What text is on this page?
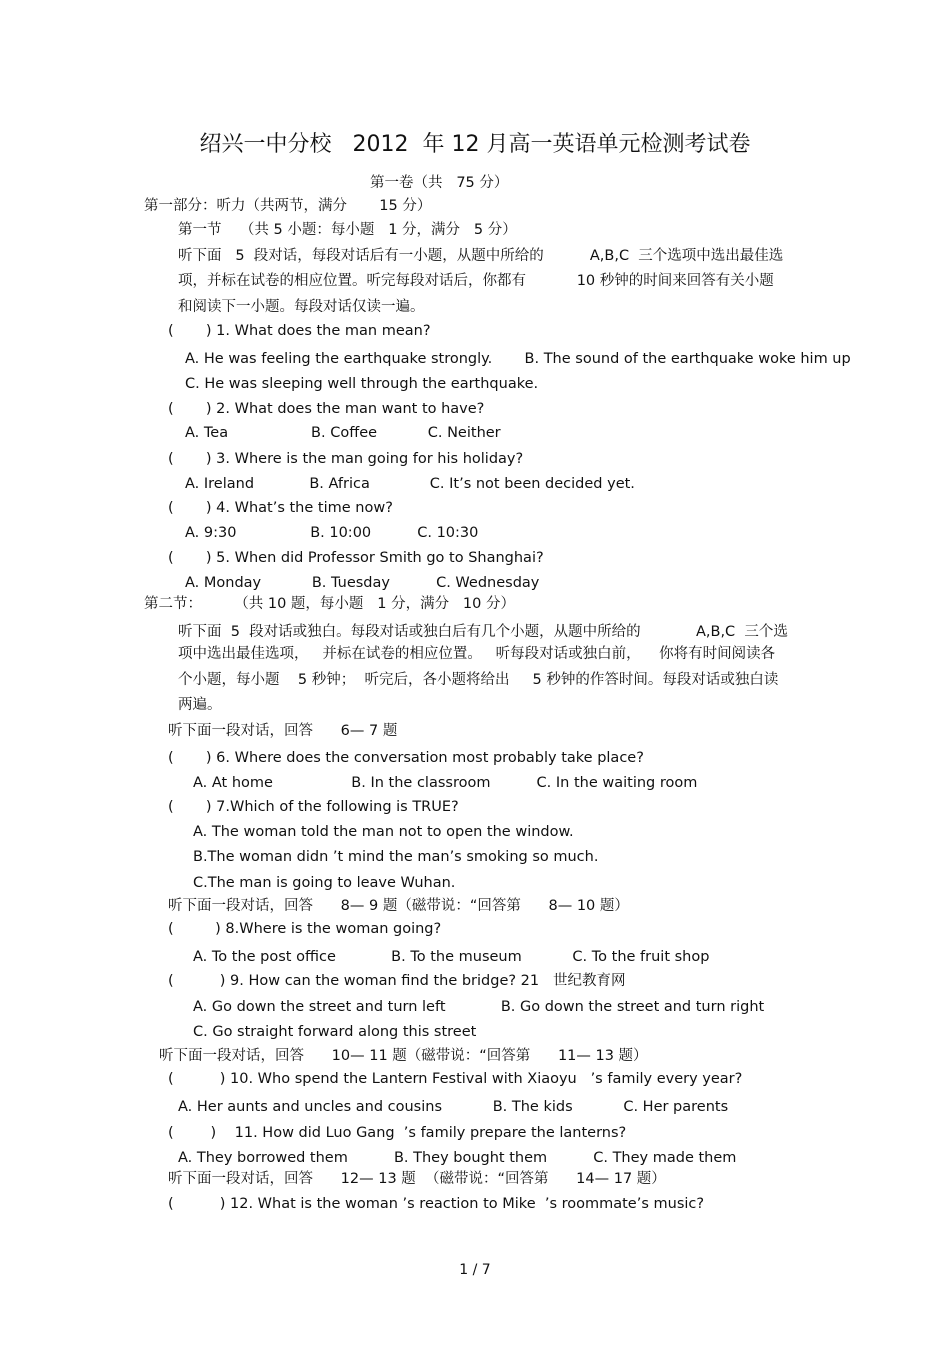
绍兴一中分校   2012  年 12 月高一英语单元检测考试卷
第一卷（共   75 分）
第一部分：听力（共两节，满分       15 分）
第一节    （共 5 小题：每小题   1 分，满分   5 分）
听下面   5  段对话，每段对话后有一小题，从题中所给的          A,B,C  三个选项中选出最佳选
项，并标在试卷的相应位置。听完每段对话后，你都有           10 秒钟的时间来回答有关小题
和阅读下一小题。每段对话仅读一遍。
(       ) 1. What does the man mean?
A. He was feeling the earthquake strongly.       B. The sound of the earthquake woke him up
C. He was sleeping well through the earthquake.
(       ) 2. What does the man want to have?
A. Tea                  B. Coffee           C. Neither
(       ) 3. Where is the man going for his holiday?
A. Ireland            B. Africa             C. It’s not been decided yet.
(       ) 4. What’s the time now?
A. 9:30                B. 10:00          C. 10:30
(       ) 5. When did Professor Smith go to Shanghai?
A. Monday           B. Tuesday          C. Wednesday
第二节：       （共 10 题，每小题   1 分，满分   10 分）
听下面  5  段对话或独白。每段对话或独白后有几个小题，从题中所给的            A,B,C  三个选
项中选出最佳选项，   并标在试卷的相应位置。   听每段对话或独白前，    你将有时间阅读各
个小题，每小题    5 秒钟；  听完后，各小题将给出     5 秒钟的作答时间。每段对话或独白读
两遍。
听下面一段对话，回答      6— 7 题
(       ) 6. Where does the conversation most probably take place?
A. At home                 B. In the classroom          C. In the waiting room
(       ) 7.Which of the following is TRUE?
A. The woman told the man not to open the window.
B.The woman didn ’t mind the man’s smoking so much.
C.The man is going to leave Wuhan.
听下面一段对话，回答      8— 9 题（磁带说：“回答第      8— 10 题）
(         ) 8.Where is the woman going?
A. To the post office            B. To the museum           C. To the fruit shop
(          ) 9. How can the woman find the bridge? 21   世纪教育网
A. Go down the street and turn left            B. Go down the street and turn right
C. Go straight forward along this street
听下面一段对话，回答      10— 11 题（磁带说：“回答第      11— 13 题）
(          ) 10. Who spend the Lantern Festival with Xiaoyu   ’s family every year?
A. Her aunts and uncles and cousins           B. The kids           C. Her parents
(        )    11. How did Luo Gang  ’s family prepare the lanterns?
A. They borrowed them          B. They bought them          C. They made them
听下面一段对话，回答      12— 13 题  （磁带说：“回答第      14— 17 题）
(          ) 12. What is the woman ’s reaction to Mike  ’s roommate’s music?
1 / 7
